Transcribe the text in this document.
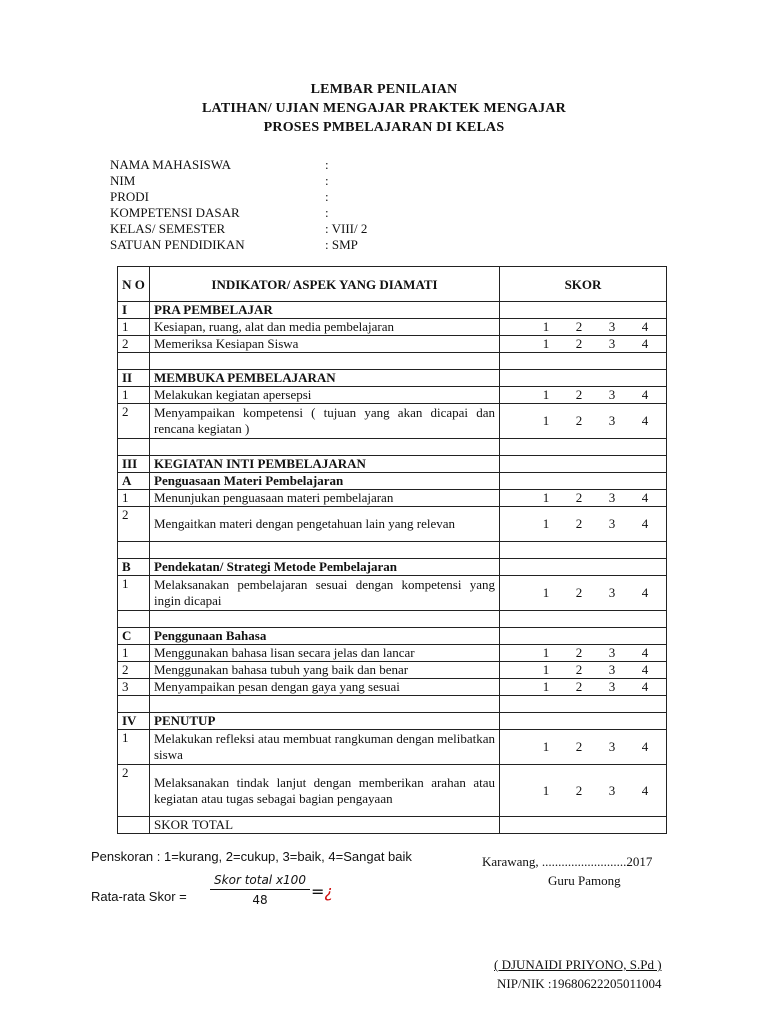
LEMBAR PENILAIAN
LATIHAN/ UJIAN MENGAJAR PRAKTEK MENGAJAR
PROSES PMBELAJARAN DI KELAS
NAMA MAHASISWA	:
NIM	:
PRODI	:
KOMPETENSI DASAR	:
KELAS/ SEMESTER	: VIII/ 2
SATUAN PENDIDIKAN	: SMP
N O	INDIKATOR/ ASPEK YANG DIAMATI	SKOR
I	PRA PEMBELAJAR	
1	Kesiapan, ruang, alat dan media pembelajaran	1 2 3 4

2	Memeriksa Kesiapan Siswa	1 2 3 4

II	MEMBUKA PEMBELAJARAN	
1	Melakukan kegiatan apersepsi	1 2 3 4

2	Menyampaikan kompetensi ( tujuan yang akan dicapai dan rencana kegiatan )	1 2 3 4

III	KEGIATAN INTI PEMBELAJARAN	
A	Penguasaan Materi Pembelajaran	
1	Menunjukan penguasaan materi pembelajaran	1 2 3 4

2	Mengaitkan materi dengan pengetahuan lain yang relevan	1 2 3 4

B	Pendekatan/ Strategi Metode Pembelajaran	
1	Melaksanakan pembelajaran sesuai dengan kompetensi yang ingin dicapai	1 2 3 4

C	Penggunaan Bahasa	
1	Menggunakan bahasa lisan secara jelas dan lancar	1 2 3 4

2	Menggunakan bahasa tubuh yang baik dan benar	1 2 3 4

3	Menyampaikan pesan dengan gaya yang sesuai	1 2 3 4

IV	PENUTUP	
1	Melakukan refleksi atau membuat rangkuman dengan melibatkan siswa	1 2 3 4

2	Melaksanakan tindak lanjut dengan memberikan arahan atau kegiatan atau tugas sebagai bagian pengayaan	1 2 3 4

	SKOR TOTAL	
Penskoran : 1=kurang, 2=cukup, 3=baik, 4=Sangat baik	Karawang, ..........................2017
Guru Pamong
Rata-rata Skor =
Skor total x100
48	=¿
( DJUNAIDI PRIYONO, S.Pd )
NIP/NIK :19680622205011004
